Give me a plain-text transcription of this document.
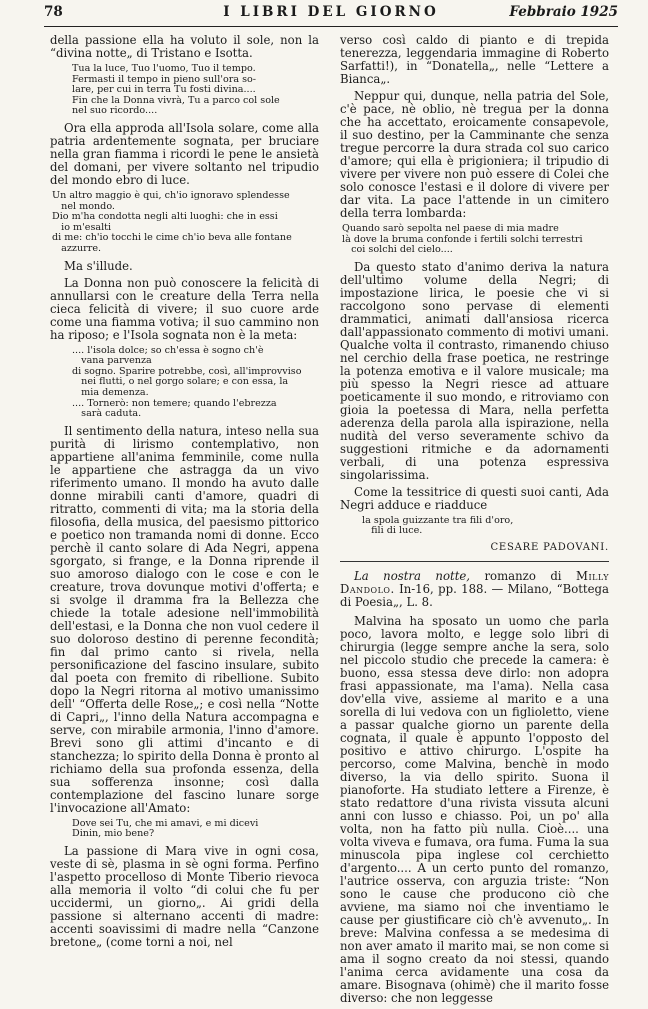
78	I LIBRI DEL GIORNO	Febbraio 1925

della passione ella ha voluto il sole, non la “divina notte„ di Tristano e Isotta.

Tua la luce, Tuo l'uomo, Tuo il tempo.
Fermasti il tempo in pieno sull'ora so-
lare, per cui in terra Tu fosti divina....
Fin che la Donna vivrà, Tu a parco col sole
nel suo ricordo....

Ora ella approda all'Isola solare, come alla patria ardentemente sognata, per bruciare nella gran fiamma i ricordi le pene le ansietà del domani, per vivere soltanto nel tripudio del mondo ebro di luce.

Un altro maggio è qui, ch'io ignoravo splendesse
nel mondo.
Dio m'ha condotta negli alti luoghi: che in essi
io m'esalti
di me: ch'io tocchi le cime ch'io beva alle fontane
azzurre.

Ma s'illude.

La Donna non può conoscere la felicità di annullarsi con le creature della Terra nella cieca felicità di vivere; il suo cuore arde come una fiamma votiva; il suo cammino non ha riposo; e l'Isola sognata non è la meta:

.... l'isola dolce; so ch'essa è sogno ch'è
vana parvenza
di sogno. Sparire potrebbe, così, all'improvviso
nei flutti, o nel gorgo solare; e con essa, la
mia demenza.
.... Tornerò: non temere; quando l'ebrezza
sarà caduta.

Il sentimento della natura, inteso nella sua purità di lirismo contemplativo, non appartiene all'anima femminile, come nulla le appartiene che astragga da un vivo riferimento umano. Il mondo ha avuto dalle donne mirabili canti d'amore, quadri di ritratto, commenti di vita; ma la storia della filosofia, della musica, del paesismo pittorico e poetico non tramanda nomi di donne. Ecco perchè il canto solare di Ada Negri, appena sgorgato, si frange, e la Donna riprende il suo amoroso dialogo con le cose e con le creature, trova dovunque motivi d'offerta; e si svolge il dramma fra la Bellezza che chiede la totale adesione nell'immobilità dell'estasi, e la Donna che non vuol cedere il suo doloroso destino di perenne fecondità; fin dal primo canto si rivela, nella personificazione del fascino insulare, subito dal poeta con fremito di ribellione. Subito dopo la Negri ritorna al motivo umanissimo dell' “Offerta delle Rose„; e così nella “Notte di Capri„, l'inno della Natura accompagna e serve, con mirabile armonia, l'inno d'amore. Brevi sono gli attimi d'incanto e di stanchezza; lo spirito della Donna è pronto al richiamo della sua profonda essenza, della sua sofferenza insonne; così dalla contemplazione del fascino lunare sorge l'invocazione all'Amato:

Dove sei Tu, che mi amavi, e mi dicevi
Dinin, mio bene?

La passione di Mara vive in ogni cosa, veste di sè, plasma in sè ogni forma. Perfino l'aspetto procelloso di Monte Tiberio rievoca alla memoria il volto “di colui che fu per uccidermi, un giorno„. Ai gridi della passione si alternano accenti di madre: accenti soavissimi di madre nella “Canzone bretone„ (come torni a noi, nel

verso così caldo di pianto e di trepida tenerezza, leggendaria immagine di Roberto Sarfatti!), in “Donatella„, nelle “Lettere a Bianca„.

Neppur qui, dunque, nella patria del Sole, c'è pace, nè oblio, nè tregua per la donna che ha accettato, eroicamente consapevole, il suo destino, per la Camminante che senza tregue percorre la dura strada col suo carico d'amore; qui ella è prigioniera; il tripudio di vivere per vivere non può essere di Colei che solo conosce l'estasi e il dolore di vivere per dar vita. La pace l'attende in un cimitero della terra lombarda:

Quando sarò sepolta nel paese di mia madre
là dove la bruma confonde i fertili solchi terrestri
coi solchi del cielo....

Da questo stato d'animo deriva la natura dell'ultimo volume della Negri; di impostazione lirica, le poesie che vi si raccolgono sono pervase di elementi drammatici, animati dall'ansiosa ricerca dall'appassionato commento di motivi umani. Qualche volta il contrasto, rimanendo chiuso nel cerchio della frase poetica, ne restringe la potenza emotiva e il valore musicale; ma più spesso la Negri riesce ad attuare poeticamente il suo mondo, e ritroviamo con gioia la poetessa di Mara, nella perfetta aderenza della parola alla ispirazione, nella nudità del verso severamente schivo da suggestioni ritmiche e da adornamenti verbali, di una potenza espressiva singolarissima.

Come la tessitrice di questi suoi canti, Ada Negri adduce e riadduce

la spola guizzante tra fili d'oro,
fili di luce.
CESARE PADOVANI.

La nostra notte, romanzo di Milly Dandolo. In-16, pp. 188. — Milano, “Bottega di Poesia„, L. 8.

Malvina ha sposato un uomo che parla poco, lavora molto, e legge solo libri di chirurgia (legge sempre anche la sera, solo nel piccolo studio che precede la camera: è buono, essa stessa deve dirlo: non adopra frasi appassionate, ma l'ama). Nella casa dov'ella vive, assieme al marito e a una sorella di lui vedova con un figlioletto, viene a passar qualche giorno un parente della cognata, il quale è appunto l'opposto del positivo e attivo chirurgo. L'ospite ha percorso, come Malvina, benchè in modo diverso, la via dello spirito. Suona il pianoforte. Ha studiato lettere a Firenze, è stato redattore d'una rivista vissuta alcuni anni con lusso e chiasso. Poi, un po' alla volta, non ha fatto più nulla. Cioè.... una volta viveva e fumava, ora fuma. Fuma la sua minuscola pipa inglese col cerchietto d'argento.... A un certo punto del romanzo, l'autrice osserva, con arguzia triste: “Non sono le cause che producono ciò che avviene, ma siamo noi che inventiamo le cause per giustificare ciò ch'è avvenuto„. In breve: Malvina confessa a se medesima di non aver amato il marito mai, se non come si ama il sogno creato da noi stessi, quando l'anima cerca avidamente una cosa da amare. Bisognava (ohimè) che il marito fosse diverso: che non leggesse
